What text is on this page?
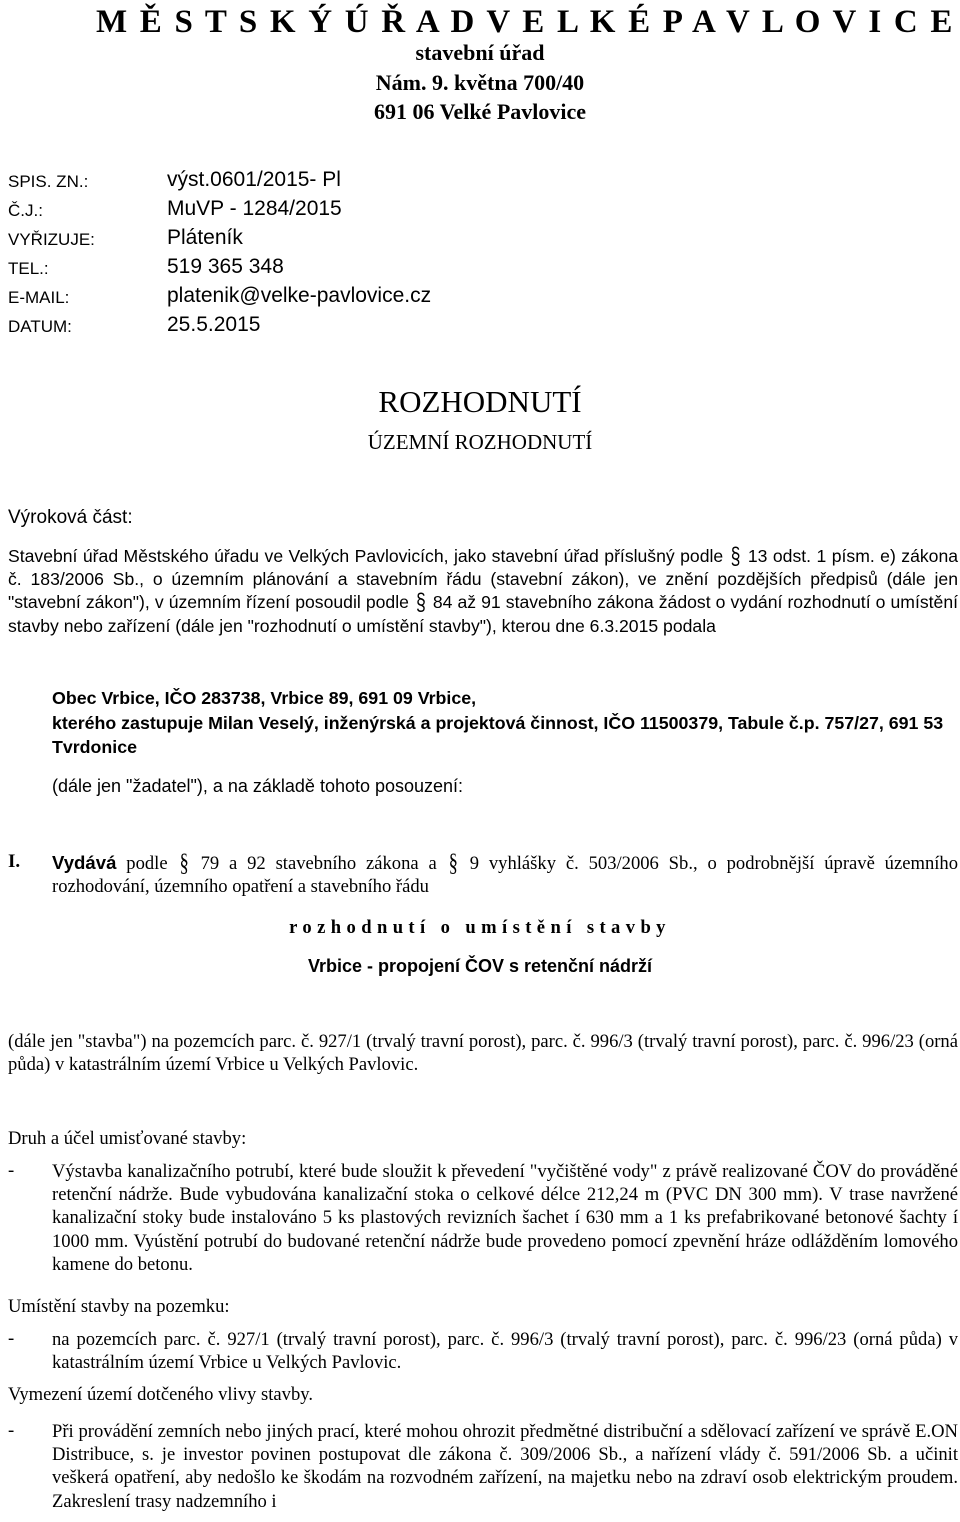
M Ě S T S K Ý Ú Ř A D V E L K É P A V L O V I C E
stavební úřad
Nám. 9. května 700/40
691 06 Velké Pavlovice
SPIS. ZN.:	výst.0601/2015- Pl
Č.J.:	MuVP - 1284/2015
VYŘIZUJE:	Pláteník
TEL.:	519 365 348
E-MAIL:	platenik@velke-pavlovice.cz
DATUM:	25.5.2015
ROZHODNUTÍ
ÚZEMNÍ ROZHODNUTÍ
Výroková část:
Stavební úřad Městského úřadu ve Velkých Pavlovicích, jako stavební úřad příslušný podle § 13 odst. 1 písm. e) zákona č. 183/2006 Sb., o územním plánování a stavebním řádu (stavební zákon), ve znění pozdějších předpisů (dále jen "stavební zákon"), v územním řízení posoudil podle § 84 až 91 stavebního zákona žádost o vydání rozhodnutí o umístění stavby nebo zařízení (dále jen "rozhodnutí o umístění stavby"), kterou dne 6.3.2015 podala
Obec Vrbice, IČO 283738, Vrbice 89, 691 09 Vrbice,
kterého zastupuje Milan Veselý, inženýrská a projektová činnost, IČO 11500379, Tabule č.p. 757/27, 691 53 Tvrdonice
(dále jen "žadatel"), a na základě tohoto posouzení:
I. Vydává podle § 79 a 92 stavebního zákona a § 9 vyhlášky č. 503/2006 Sb., o podrobnější úpravě územního rozhodování, územního opatření a stavebního řádu
rozhodnutí o umístění stavby
Vrbice - propojení ČOV s retenční nádrží
(dále jen "stavba") na pozemcích parc. č. 927/1 (trvalý travní porost), parc. č. 996/3 (trvalý travní porost), parc. č. 996/23 (orná půda) v katastrálním území Vrbice u Velkých Pavlovic.
Druh a účel umisťované stavby:
- Výstavba kanalizačního potrubí, které bude sloužit k převedení "vyčištěné vody" z právě realizované ČOV do prováděné retenční nádrže. Bude vybudována kanalizační stoka o celkové délce 212,24 m (PVC DN 300 mm). V trase navržené kanalizační stoky bude instalováno 5 ks plastových revizních šachet í 630 mm a 1 ks prefabrikované betonové šachty í 1000 mm. Vyústění potrubí do budované retenční nádrže bude provedeno pomocí zpevnění hráze odlážděním lomového kamene do betonu.
Umístění stavby na pozemku:
- na pozemcích parc. č. 927/1 (trvalý travní porost), parc. č. 996/3 (trvalý travní porost), parc. č. 996/23 (orná půda) v katastrálním území Vrbice u Velkých Pavlovic.
Vymezení území dotčeného vlivy stavby.
- Při provádění zemních nebo jiných prací, které mohou ohrozit předmětné distribuční a sdělovací zařízení ve správě E.ON Distribuce, s. je investor povinen postupovat dle zákona č. 309/2006 Sb., a nařízení vlády č. 591/2006 Sb. a učinit veškerá opatření, aby nedošlo ke škodám na rozvodném zařízení, na majetku nebo na zdraví osob elektrickým proudem. Zakreslení trasy nadzemního i
